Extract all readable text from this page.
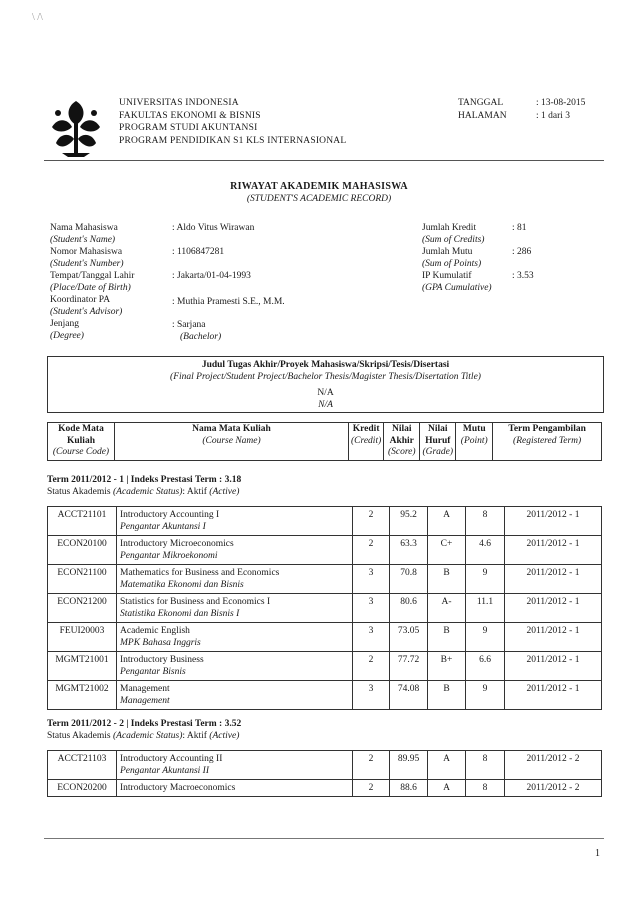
\ /\
UNIVERSITAS INDONESIA
FAKULTAS EKONOMI & BISNIS
PROGRAM STUDI AKUNTANSI
PROGRAM PENDIDIKAN S1 KLS INTERNASIONAL
TANGGAL	: 13-08-2015
HALAMAN	: 1 dari 3
RIWAYAT AKADEMIK MAHASISWA
(STUDENT'S ACADEMIC RECORD)
Nama Mahasiswa
(Student's Name)
: Aldo Vitus Wirawan
Nomor Mahasiswa
(Student's Number)
: 1106847281
Tempat/Tanggal Lahir
(Place/Date of Birth)
: Jakarta/01-04-1993
Koordinator PA
(Student's Advisor)
: Muthia Pramesti S.E., M.M.
Jenjang
(Degree)
: Sarjana
(Bachelor)
Jumlah Kredit
(Sum of Credits)
: 81
Jumlah Mutu
(Sum of Points)
: 286
IP Kumulatif
(GPA Cumulative)
: 3.53
Judul Tugas Akhir/Proyek Mahasiswa/Skripsi/Tesis/Disertasi
(Final Project/Student Project/Bachelor Thesis/Magister Thesis/Disertation Title)
N/A
N/A
Kode Mata
Kuliah
(Course Code)	Nama Mata Kuliah
(Course Name)	Kredit
(Credit)	Nilai
Akhir
(Score)	Nilai
Huruf
(Grade)	Mutu
(Point)	Term Pengambilan
(Registered Term)
Term 2011/2012 - 1 | Indeks Prestasi Term : 3.18
Status Akademis (Academic Status): Aktif (Active)
ACCT21101	Introductory Accounting I
Pengantar Akuntansi I	2	95.2	A	8	2011/2012 - 1

ECON20100	Introductory Microeconomics
Pengantar Mikroekonomi	2	63.3	C+	4.6	2011/2012 - 1

ECON21100	Mathematics for Business and Economics
Matematika Ekonomi dan Bisnis	3	70.8	B	9	2011/2012 - 1

ECON21200	Statistics for Business and Economics I
Statistika Ekonomi dan Bisnis I	3	80.6	A-	11.1	2011/2012 - 1

FEUI20003	Academic English
MPK Bahasa Inggris	3	73.05	B	9	2011/2012 - 1

MGMT21001	Introductory Business
Pengantar Bisnis	2	77.72	B+	6.6	2011/2012 - 1

MGMT21002	Management
Management	3	74.08	B	9	2011/2012 - 1
Term 2011/2012 - 2 | Indeks Prestasi Term : 3.52
Status Akademis (Academic Status): Aktif (Active)
ACCT21103	Introductory Accounting II
Pengantar Akuntansi II	2	89.95	A	8	2011/2012 - 2

ECON20200	Introductory Macroeconomics	2	88.6	A	8	2011/2012 - 2
1
